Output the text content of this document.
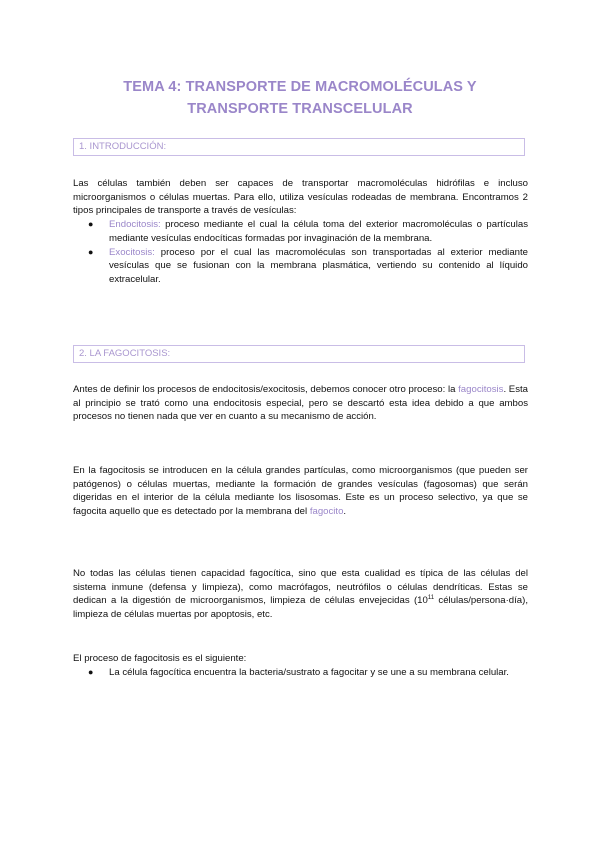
TEMA 4: TRANSPORTE DE MACROMOLÉCULAS Y
TRANSPORTE TRANSCELULAR
1. INTRODUCCIÓN:
Las células también deben ser capaces de transportar macromoléculas hidrófilas e incluso microorganismos o células muertas. Para ello, utiliza vesículas rodeadas de membrana. Encontramos 2 tipos principales de transporte a través de vesículas:
● Endocitosis: proceso mediante el cual la célula toma del exterior macromoléculas o partículas mediante vesículas endocíticas formadas por invaginación de la membrana.
● Exocitosis: proceso por el cual las macromoléculas son transportadas al exterior mediante vesículas que se fusionan con la membrana plasmática, vertiendo su contenido al líquido extracelular.
2. LA FAGOCITOSIS:
Antes de definir los procesos de endocitosis/exocitosis, debemos conocer otro proceso: la fagocitosis. Esta al principio se trató como una endocitosis especial, pero se descartó esta idea debido a que ambos procesos no tienen nada que ver en cuanto a su mecanismo de acción.
En la fagocitosis se introducen en la célula grandes partículas, como microorganismos (que pueden ser patógenos) o células muertas, mediante la formación de grandes vesículas (fagosomas) que serán digeridas en el interior de la célula mediante los lisosomas. Este es un proceso selectivo, ya que se fagocita aquello que es detectado por la membrana del fagocito.
No todas las células tienen capacidad fagocítica, sino que esta cualidad es típica de las células del sistema inmune (defensa y limpieza), como macrófagos, neutrófilos o células dendríticas. Estas se dedican a la digestión de microorganismos, limpieza de células envejecidas ($10^{11}$ células/persona·día), limpieza de células muertas por apoptosis, etc.
El proceso de fagocitosis es el siguiente:
● La célula fagocítica encuentra la bacteria/sustrato a fagocitar y se une a su membrana celular.
